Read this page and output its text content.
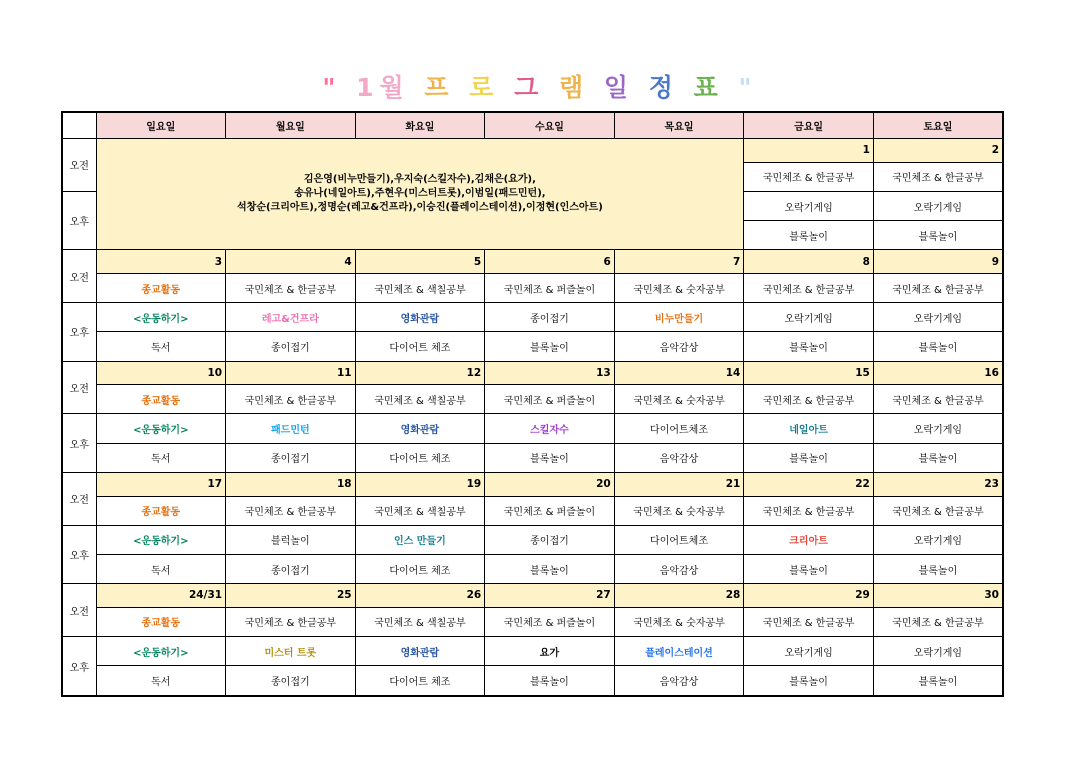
" 1월 프 로 그 램 일 정 표 "
	일요일	월요일	화요일	수요일	목요일	금요일	토요일
오전	김은영(비누만들기),우지숙(스킬자수),김채은(요가),
송유나(네일아트),주현우(미스터트롯),이범일(패드민턴),
석창순(크리아트),정명순(레고&건프라),이승진(플레이스테이션),이정현(인스아트)					1	2
						국민체조 & 한글공부	국민체조 & 한글공부
오후						오락기게임	오락기게임
						블록놀이	블록놀이
오전	3	4	5	6	7	8	9
	종교활동	국민체조 & 한글공부	국민체조 & 색칠공부	국민체조 & 퍼즐놀이	국민체조 & 숫자공부	국민체조 & 한글공부	국민체조 & 한글공부
오후	<운동하기>	레고&건프라	영화관람	종이접기	비누만들기	오락기게임	오락기게임
	독서	종이접기	다이어트 체조	블록놀이	음악감상	블록놀이	블록놀이
오전	10	11	12	13	14	15	16
	종교활동	국민체조 & 한글공부	국민체조 & 색칠공부	국민체조 & 퍼즐놀이	국민체조 & 숫자공부	국민체조 & 한글공부	국민체조 & 한글공부
오후	<운동하기>	패드민턴	영화관람	스킬자수	다이어트체조	네일아트	오락기게임
	독서	종이접기	다이어트 체조	블록놀이	음악감상	블록놀이	블록놀이
오전	17	18	19	20	21	22	23
	종교활동	국민체조 & 한글공부	국민체조 & 색칠공부	국민체조 & 퍼즐놀이	국민체조 & 숫자공부	국민체조 & 한글공부	국민체조 & 한글공부
오후	<운동하기>	블럭놀이	인스 만들기	종이접기	다이어트체조	크리아트	오락기게임
	독서	종이접기	다이어트 체조	블록놀이	음악감상	블록놀이	블록놀이
오전	24/31	25	26	27	28	29	30
	종교활동	국민체조 & 한글공부	국민체조 & 색칠공부	국민체조 & 퍼즐놀이	국민체조 & 숫자공부	국민체조 & 한글공부	국민체조 & 한글공부
오후	<운동하기>	미스터 트롯	영화관람	요가	플레이스테이션	오락기게임	오락기게임
	독서	종이접기	다이어트 체조	블록놀이	음악감상	블록놀이	블록놀이
